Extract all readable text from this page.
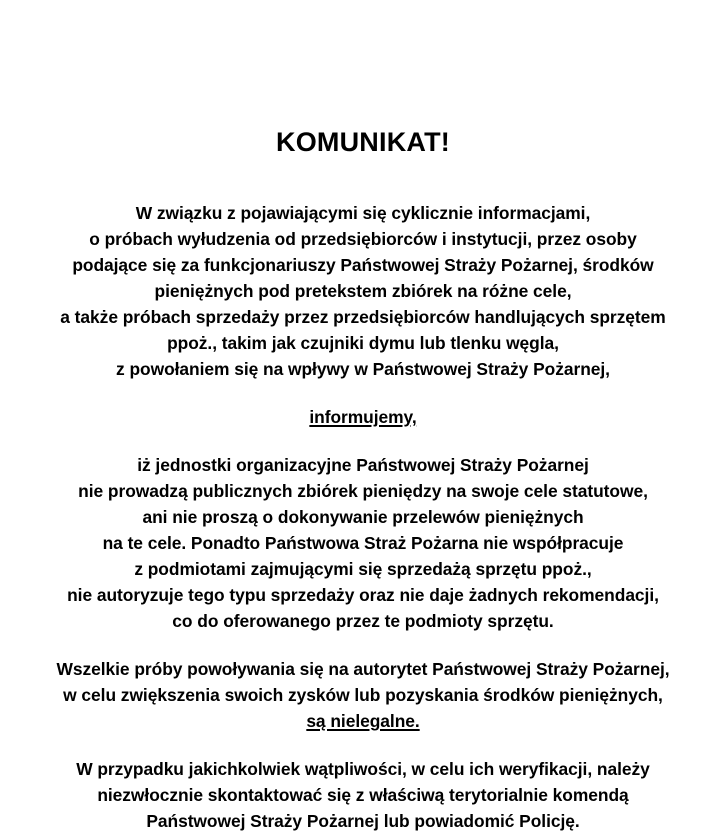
KOMUNIKAT!
W związku z pojawiającymi się cyklicznie informacjami,
o próbach wyłudzenia od przedsiębiorców i instytucji, przez osoby
podające się za funkcjonariuszy Państwowej Straży Pożarnej, środków
pieniężnych pod pretekstem zbiórek na różne cele,
a także próbach sprzedaży przez przedsiębiorców handlujących sprzętem
ppoż., takim jak czujniki dymu lub tlenku węgla,
z powołaniem się na wpływy w Państwowej Straży Pożarnej,
informujemy,
iż jednostki organizacyjne Państwowej Straży Pożarnej
nie prowadzą publicznych zbiórek pieniędzy na swoje cele statutowe,
ani nie proszą o dokonywanie przelewów pieniężnych
na te cele. Ponadto Państwowa Straż Pożarna nie współpracuje
z podmiotami zajmującymi się sprzedażą sprzętu ppoż.,
nie autoryzuje tego typu sprzedaży oraz nie daje żadnych rekomendacji,
co do oferowanego przez te podmioty sprzętu.
Wszelkie próby powoływania się na autorytet Państwowej Straży Pożarnej,
w celu zwiększenia swoich zysków lub pozyskania środków pieniężnych,
są nielegalne.
W przypadku jakichkolwiek wątpliwości, w celu ich weryfikacji, należy
niezwłocznie skontaktować się z właściwą terytorialnie komendą
Państwowej Straży Pożarnej lub powiadomić Policję.
